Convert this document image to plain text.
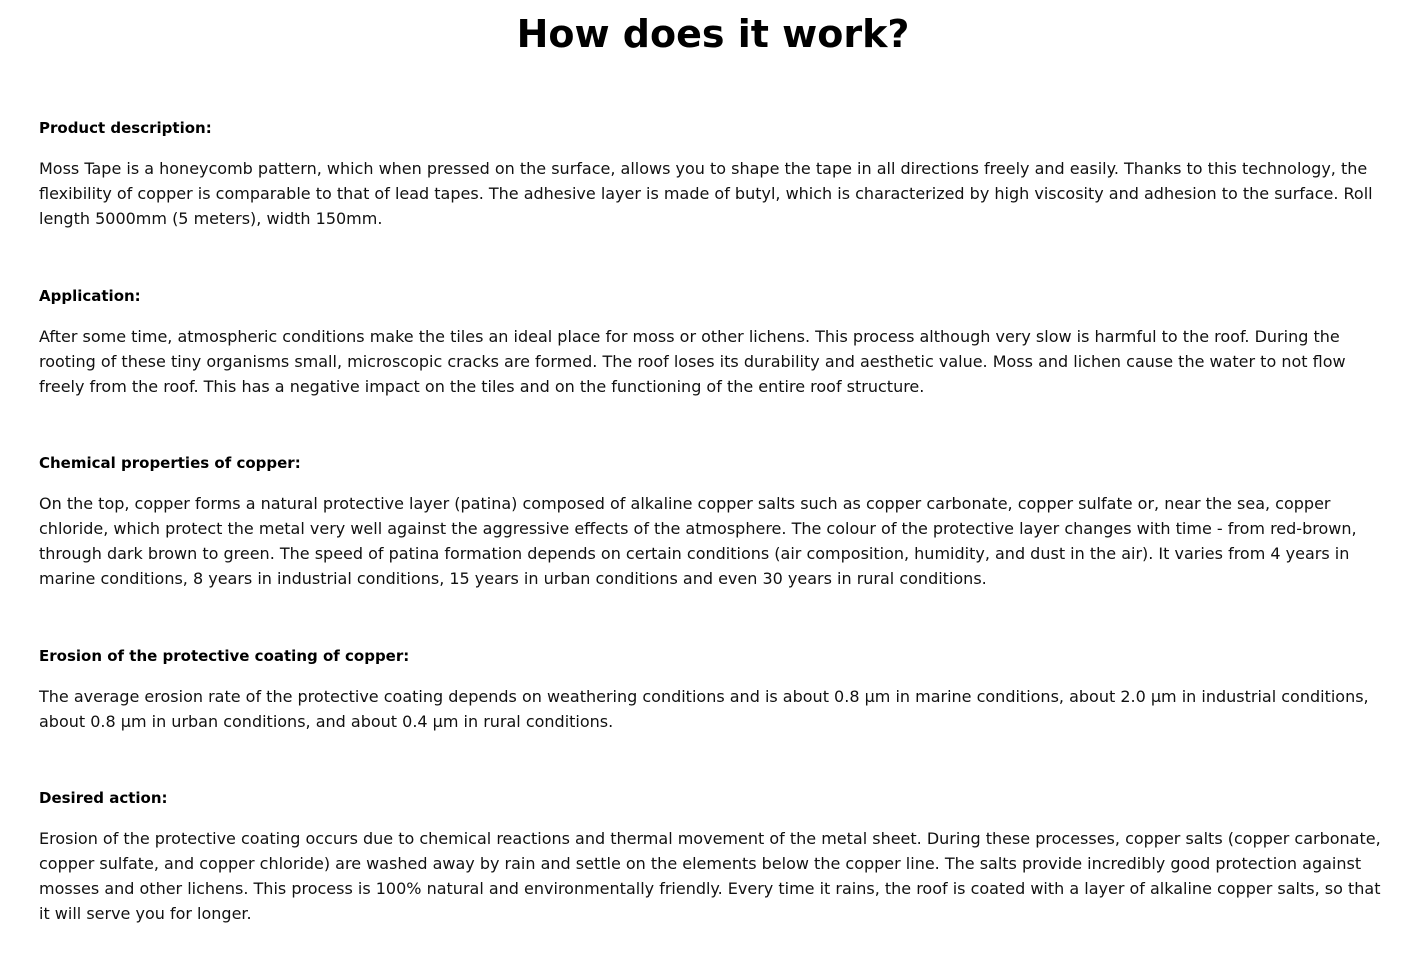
How does it work?

Product description:

Moss Tape is a honeycomb pattern, which when pressed on the surface, allows you to shape the tape in all directions freely and easily. Thanks to this technology, the flexibility of copper is comparable to that of lead tapes. The adhesive layer is made of butyl, which is characterized by high viscosity and adhesion to the surface. Roll length 5000mm (5 meters), width 150mm.

Application:

After some time, atmospheric conditions make the tiles an ideal place for moss or other lichens. This process although very slow is harmful to the roof. During the rooting of these tiny organisms small, microscopic cracks are formed. The roof loses its durability and aesthetic value. Moss and lichen cause the water to not flow freely from the roof. This has a negative impact on the tiles and on the functioning of the entire roof structure.

Chemical properties of copper:

On the top, copper forms a natural protective layer (patina) composed of alkaline copper salts such as copper carbonate, copper sulfate or, near the sea, copper chloride, which protect the metal very well against the aggressive effects of the atmosphere. The colour of the protective layer changes with time - from red-brown, through dark brown to green. The speed of patina formation depends on certain conditions (air composition, humidity, and dust in the air). It varies from 4 years in marine conditions, 8 years in industrial conditions, 15 years in urban conditions and even 30 years in rural conditions.

Erosion of the protective coating of copper:

The average erosion rate of the protective coating depends on weathering conditions and is about 0.8 µm in marine conditions, about 2.0 µm in industrial conditions, about 0.8 µm in urban conditions, and about 0.4 µm in rural conditions.

Desired action:

Erosion of the protective coating occurs due to chemical reactions and thermal movement of the metal sheet. During these processes, copper salts (copper carbonate, copper sulfate, and copper chloride) are washed away by rain and settle on the elements below the copper line. The salts provide incredibly good protection against mosses and other lichens. This process is 100% natural and environmentally friendly. Every time it rains, the roof is coated with a layer of alkaline copper salts, so that it will serve you for longer.
